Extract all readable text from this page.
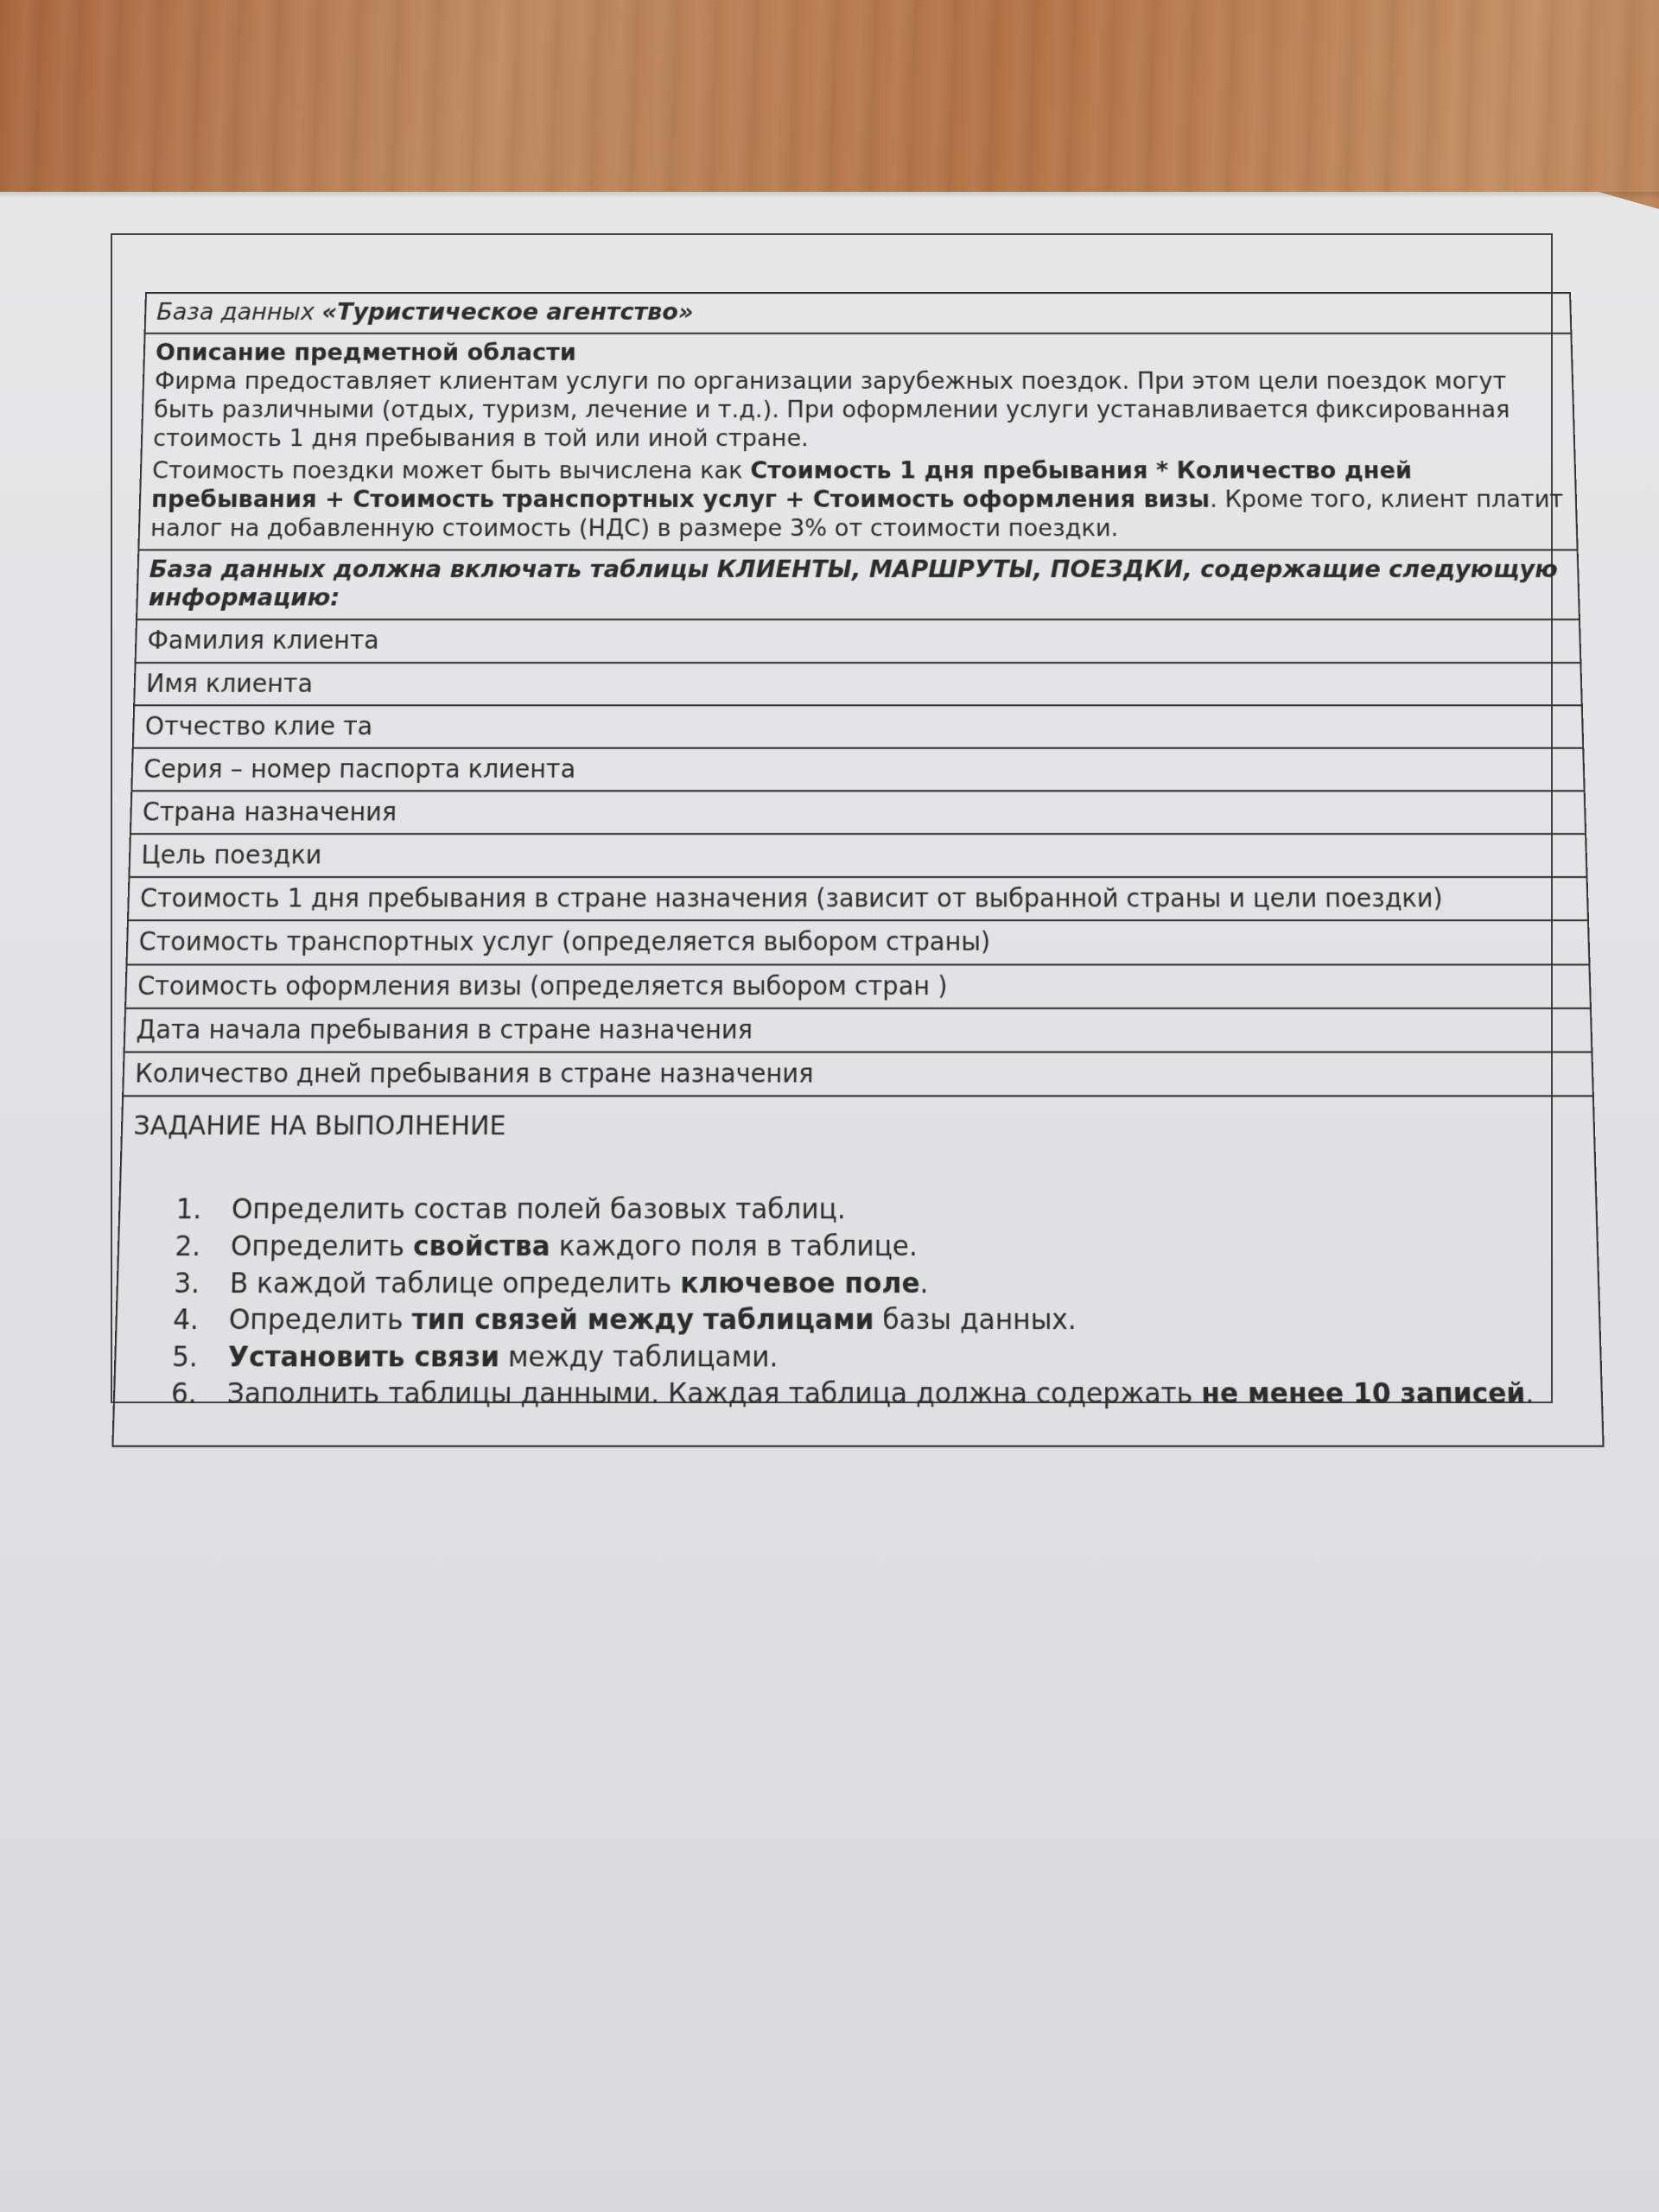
База данных «Туристическое агентство»
Описание предметной области

Фирма предоставляет клиентам услуги по организации зарубежных поездок. При этом цели поездок могут быть различными (отдых, туризм, лечение и т.д.). При оформлении услуги устанавливается фиксированная стоимость 1 дня пребывания в той или иной стране.

Стоимость поездки может быть вычислена как Стоимость 1 дня пребывания * Количество дней пребывания + Стоимость транспортных услуг + Стоимость оформления визы. Кроме того, клиент платит налог на добавленную стоимость (НДС) в размере 3% от стоимости поездки.

База данных должна включать таблицы КЛИЕНТЫ, МАРШРУТЫ, ПОЕЗДКИ, содержащие следующую информацию:
Фамилия клиента
Имя клиента
Отчество клие та
Серия – номер паспорта клиента
Страна назначения
Цель поездки
Стоимость 1 дня пребывания в стране назначения (зависит от выбранной страны и цели поездки)
Стоимость транспортных услуг (определяется выбором страны)
Стоимость оформления визы (определяется выбором стран )
Дата начала пребывания в стране назначения
Количество дней пребывания в стране назначения
ЗАДАНИЕ НА ВЫПОЛНЕНИЕ
1.	Определить состав полей базовых таблиц.
2.	Определить свойства каждого поля в таблице.
3.	В каждой таблице определить ключевое поле.
4.	Определить тип связей между таблицами базы данных.
5.	Установить связи между таблицами.
6.	Заполнить таблицы данными. Каждая таблица должна содержать не менее 10 записей.
